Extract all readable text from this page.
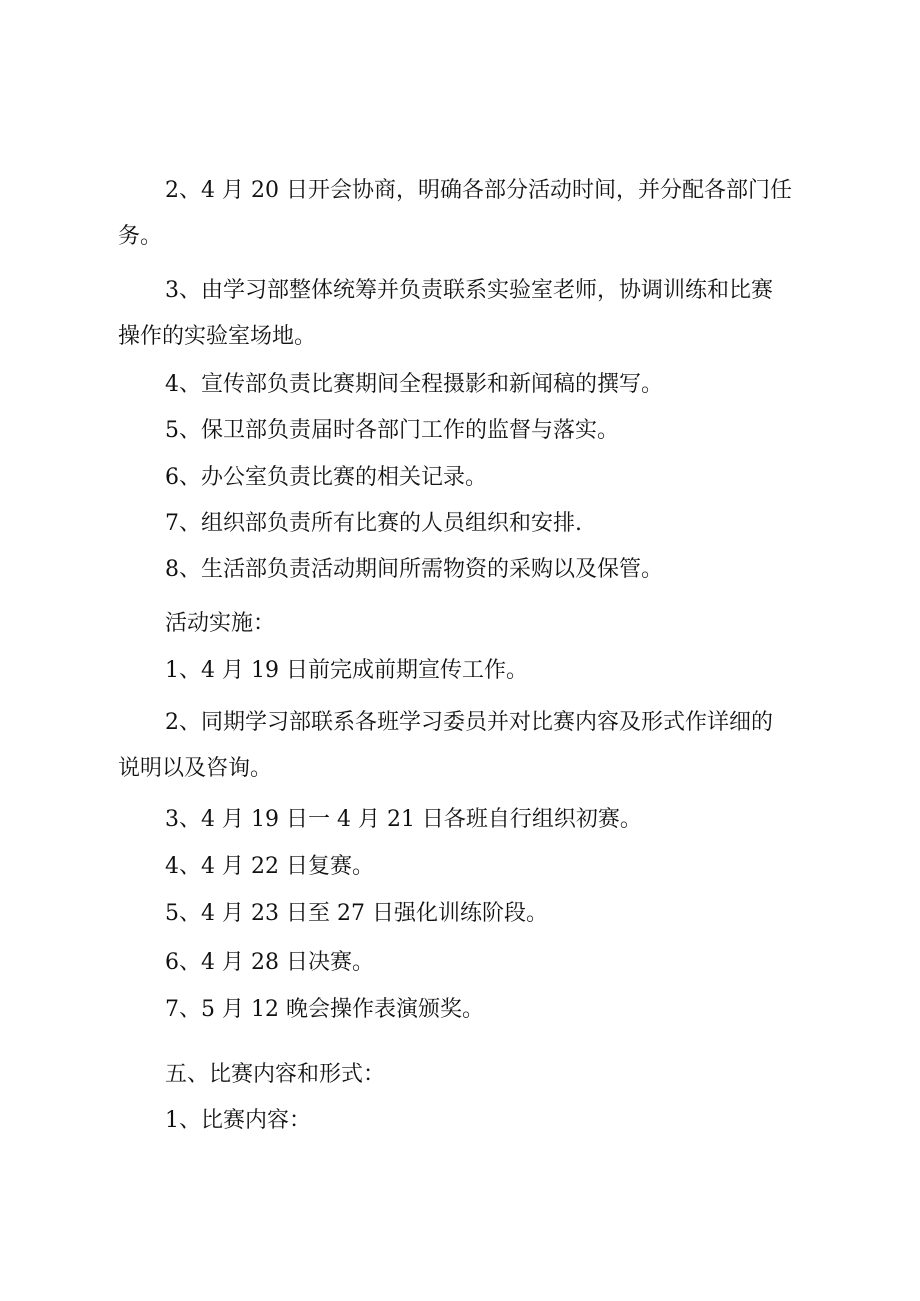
2、4 月 20 日开会协商，明确各部分活动时间，并分配各部门任
务。

3、由学习部整体统筹并负责联系实验室老师，协调训练和比赛
操作的实验室场地。

4、宣传部负责比赛期间全程摄影和新闻稿的撰写。

5、保卫部负责届时各部门工作的监督与落实。

6、办公室负责比赛的相关记录。

7、组织部负责所有比赛的人员组织和安排.

8、生活部负责活动期间所需物资的采购以及保管。

活动实施：

1、4 月 19 日前完成前期宣传工作。

2、同期学习部联系各班学习委员并对比赛内容及形式作详细的
说明以及咨询。

3、4 月 19 日一 4 月 21 日各班自行组织初赛。

4、4 月 22 日复赛。

5、4 月 23 日至 27 日强化训练阶段。

6、4 月 28 日决赛。

7、5 月 12 晚会操作表演颁奖。

五、比赛内容和形式：

1、比赛内容：
